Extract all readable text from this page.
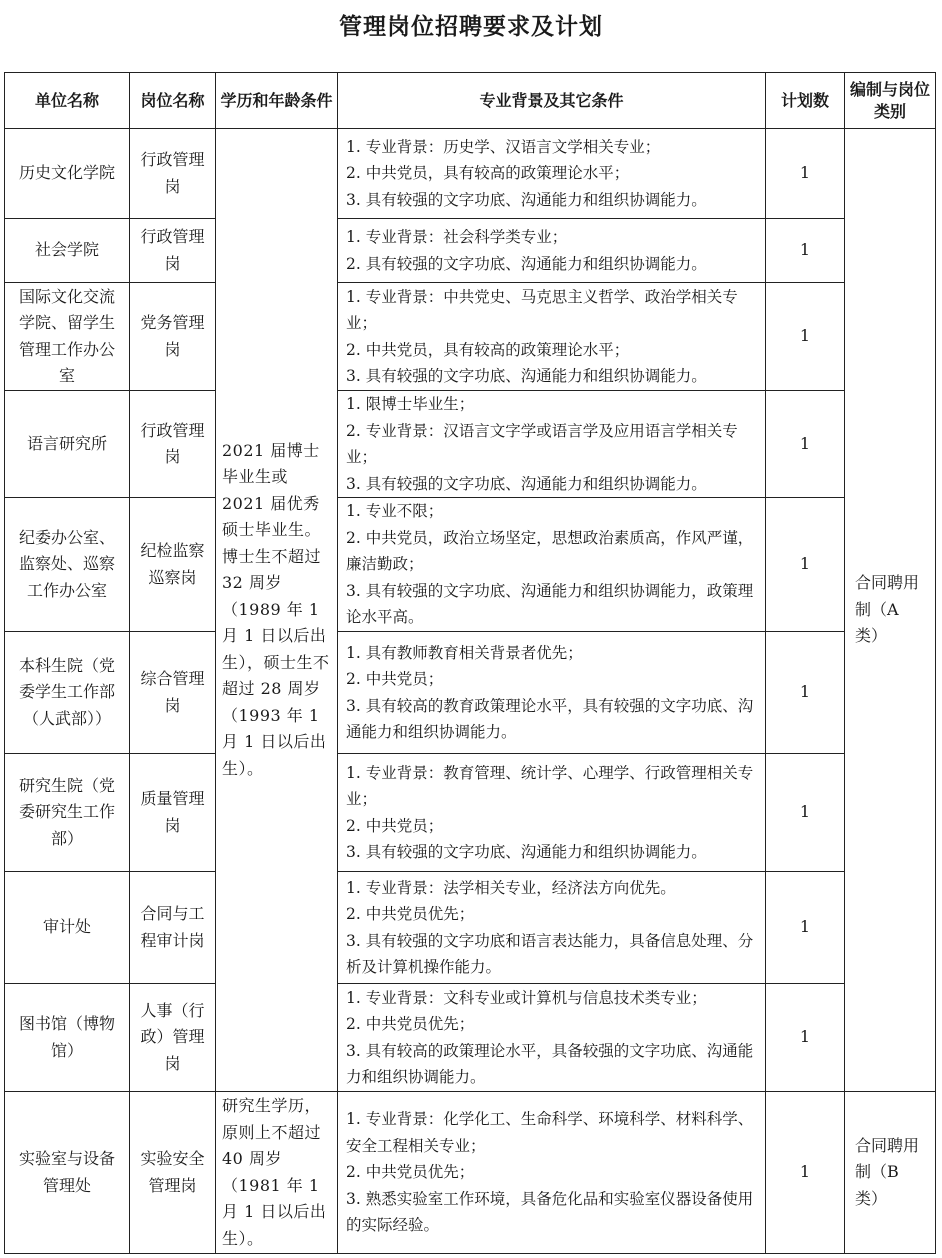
管理岗位招聘要求及计划
单位名称	岗位名称	学历和年龄条件	专业背景及其它条件	计划数	编制与岗位类别
历史文化学院	行政管理岗	2021 届博士毕业生或 2021 届优秀硕士毕业生。博士生不超过 32 周岁（1989 年 1 月 1 日以后出生），硕士生不超过 28 周岁（1993 年 1 月 1 日以后出生）。	1. 专业背景：历史学、汉语言文学相关专业；
2. 中共党员，具有较高的政策理论水平；
3. 具有较强的文字功底、沟通能力和组织协调能力。	1	合同聘用制（A 类）
社会学院	行政管理岗		1. 专业背景：社会科学类专业；
2. 具有较强的文字功底、沟通能力和组织协调能力。	1	
国际文化交流学院、留学生管理工作办公室	党务管理岗		1. 专业背景：中共党史、马克思主义哲学、政治学相关专业；
2. 中共党员，具有较高的政策理论水平；
3. 具有较强的文字功底、沟通能力和组织协调能力。	1	
语言研究所	行政管理岗		1. 限博士毕业生；
2. 专业背景：汉语言文字学或语言学及应用语言学相关专业；
3. 具有较强的文字功底、沟通能力和组织协调能力。	1	
纪委办公室、监察处、巡察工作办公室	纪检监察巡察岗		1. 专业不限；
2. 中共党员，政治立场坚定，思想政治素质高，作风严谨，廉洁勤政；
3. 具有较强的文字功底、沟通能力和组织协调能力，政策理论水平高。	1	
本科生院（党委学生工作部（人武部））	综合管理岗		1. 具有教师教育相关背景者优先；
2. 中共党员；
3. 具有较高的教育政策理论水平，具有较强的文字功底、沟通能力和组织协调能力。	1	
研究生院（党委研究生工作部）	质量管理岗		1. 专业背景：教育管理、统计学、心理学、行政管理相关专业；
2. 中共党员；
3. 具有较强的文字功底、沟通能力和组织协调能力。	1	
审计处	合同与工程审计岗		1. 专业背景：法学相关专业，经济法方向优先。
2. 中共党员优先；
3. 具有较强的文字功底和语言表达能力，具备信息处理、分析及计算机操作能力。	1	
图书馆（博物馆）	人事（行政）管理岗		1. 专业背景：文科专业或计算机与信息技术类专业；
2. 中共党员优先；
3. 具有较高的政策理论水平，具备较强的文字功底、沟通能力和组织协调能力。	1	
实验室与设备管理处	实验安全管理岗	研究生学历，原则上不超过 40 周岁（1981 年 1 月 1 日以后出生）。	1. 专业背景：化学化工、生命科学、环境科学、材料科学、安全工程相关专业；
2. 中共党员优先；
3. 熟悉实验室工作环境，具备危化品和实验室仪器设备使用的实际经验。	1	合同聘用制（B 类）
